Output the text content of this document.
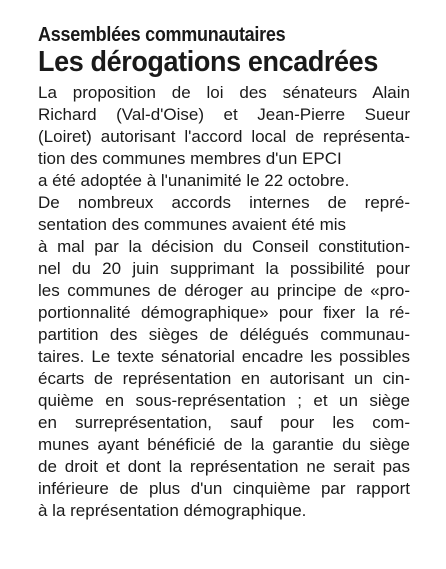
Assemblées communautaires
Les dérogations encadrées
La proposition de loi des sénateurs Alain
Richard (Val-d'Oise) et Jean-Pierre Sueur
(Loiret) autorisant l'accord local de représenta-
tion des communes membres d'un EPCI
a été adoptée à l'unanimité le 22 octobre.
De nombreux accords internes de repré-
sentation des communes avaient été mis
à mal par la décision du Conseil constitution-
nel du 20 juin supprimant la possibilité pour
les communes de déroger au principe de «pro-
portionnalité démographique» pour fixer la ré-
partition des sièges de délégués communau-
taires. Le texte sénatorial encadre les possibles
écarts de représentation en autorisant un cin-
quième en sous-représentation ; et un siège
en surreprésentation, sauf pour les com-
munes ayant bénéficié de la garantie du siège
de droit et dont la représentation ne serait pas
inférieure de plus d'un cinquième par rapport
à la représentation démographique.
